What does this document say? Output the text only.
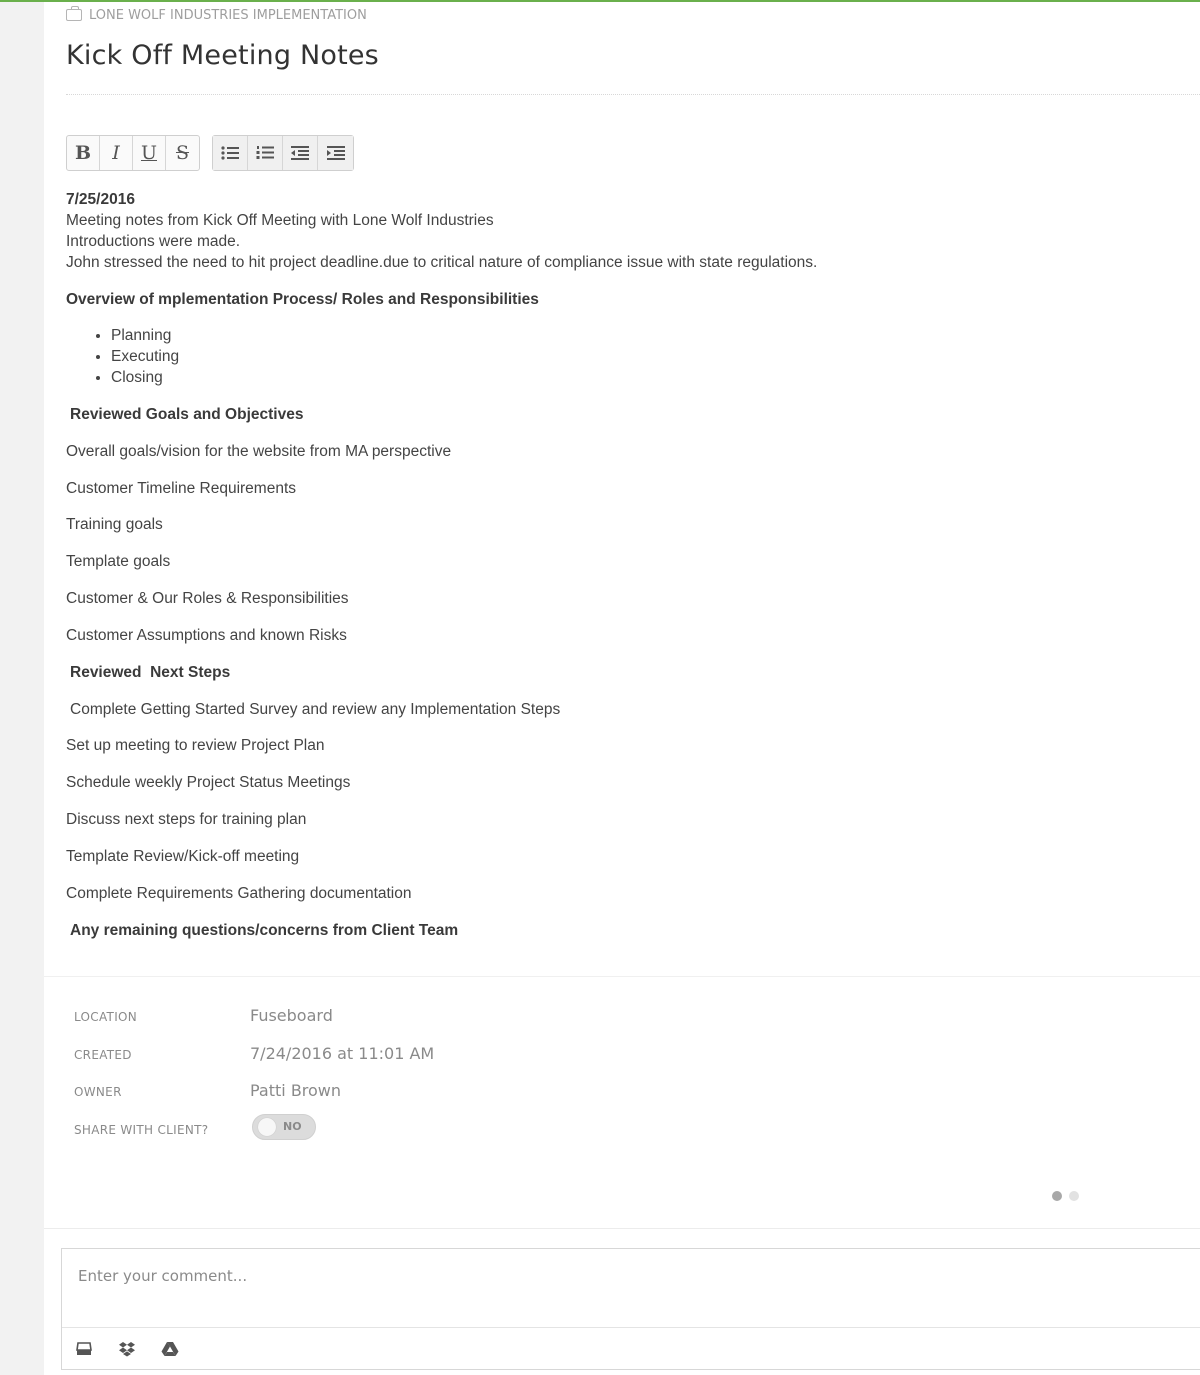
LONE WOLF INDUSTRIES IMPLEMENTATION
Kick Off Meeting Notes
B I U S
7/25/2016
Meeting notes from Kick Off Meeting with Lone Wolf Industries
Introductions were made.
John stressed the need to hit project deadline.due to critical nature of compliance issue with state regulations.
Overview of mplementation Process/ Roles and Responsibilities
• Planning
• Executing
• Closing
Reviewed Goals and Objectives
Overall goals/vision for the website from MA perspective
Customer Timeline Requirements
Training goals
Template goals
Customer & Our Roles & Responsibilities
Customer Assumptions and known Risks
Reviewed  Next Steps
Complete Getting Started Survey and review any Implementation Steps
Set up meeting to review Project Plan
Schedule weekly Project Status Meetings
Discuss next steps for training plan
Template Review/Kick-off meeting
Complete Requirements Gathering documentation
Any remaining questions/concerns from Client Team
LOCATION	Fuseboard
CREATED	7/24/2016 at 11:01 AM
OWNER	Patti Brown
SHARE WITH CLIENT?	NO
Enter your comment...
